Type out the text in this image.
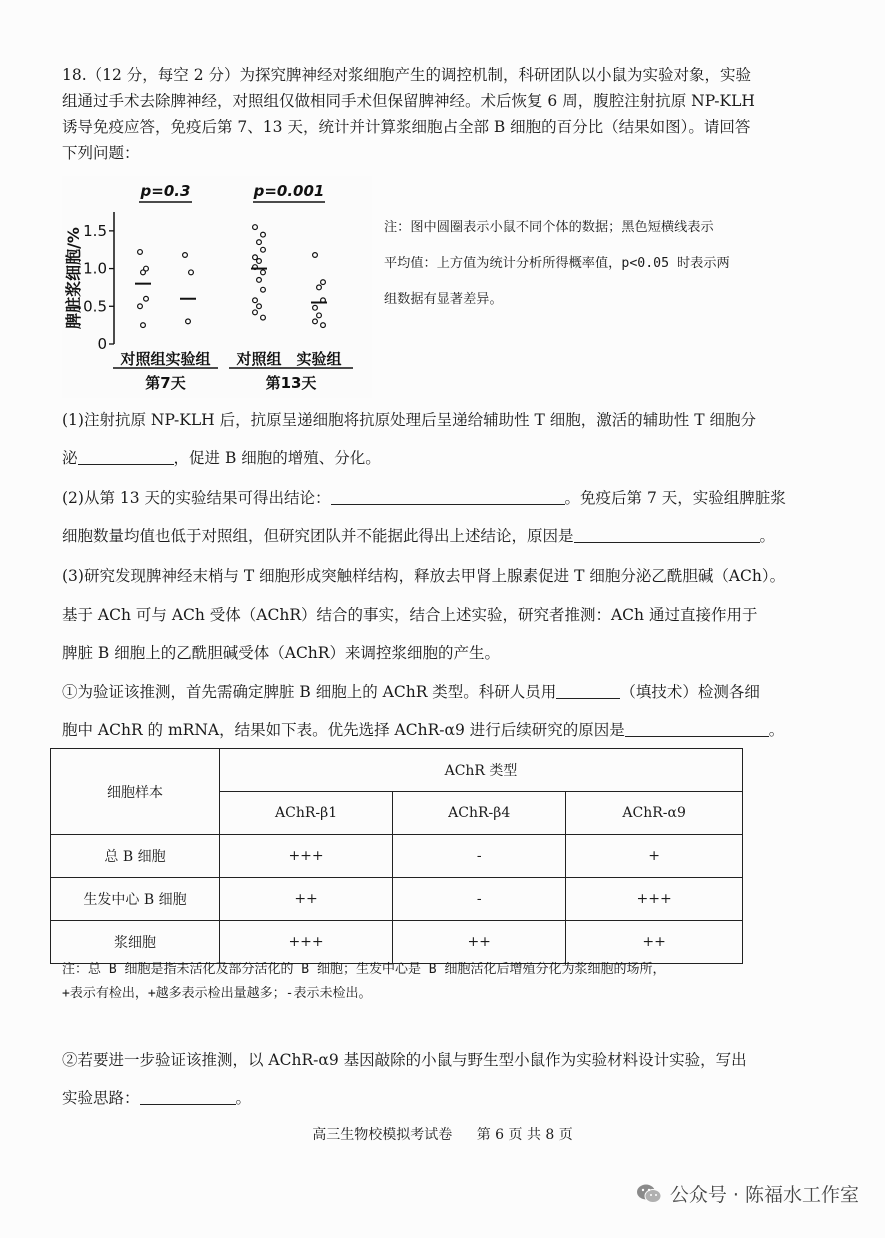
18.（12 分，每空 2 分）为探究脾神经对浆细胞产生的调控机制，科研团队以小鼠为实验对象，实验
组通过手术去除脾神经，对照组仅做相同手术但保留脾神经。术后恢复 6 周，腹腔注射抗原 NP-KLH
诱导免疫应答，免疫后第 7、13 天，统计并计算浆细胞占全部 B 细胞的百分比（结果如图）。请回答
下列问题：
0
0.5
1.0
1.5
脾脏浆细胞/%
p=0.3	p=0.001
对照组 实验组 对照组 实验组
第7天	第13天
注：图中圆圈表示小鼠不同个体的数据；黑色短横线表示
平均值：上方值为统计分析所得概率值，p<0.05 时表示两
组数据有显著差异。
(1)注射抗原 NP-KLH 后，抗原呈递细胞将抗原处理后呈递给辅助性 T 细胞，激活的辅助性 T 细胞分
泌	，促进 B 细胞的增殖、分化。
(2)从第 13 天的实验结果可得出结论：	。免疫后第 7 天，实验组脾脏浆
细胞数量均值也低于对照组，但研究团队并不能据此得出上述结论，原因是	。
(3)研究发现脾神经末梢与 T 细胞形成突触样结构，释放去甲肾上腺素促进 T 细胞分泌乙酰胆碱（ACh）。
基于 ACh 可与 ACh 受体（AChR）结合的事实，结合上述实验，研究者推测：ACh 通过直接作用于
脾脏 B 细胞上的乙酰胆碱受体（AChR）来调控浆细胞的产生。
①为验证该推测，首先需确定脾脏 B 细胞上的 AChR 类型。科研人员用	（填技术）检测各细
胞中 AChR 的 mRNA，结果如下表。优先选择 AChR-α9 进行后续研究的原因是	。
细胞样本	AChR 类型		
	AChR-β1	AChR-β4	AChR-α9
总 B 细胞	+++	-	+
生发中心 B 细胞	++	-	+++
浆细胞	+++	++	++
注：总 B 细胞是指未活化及部分活化的 B 细胞；生发中心是 B 细胞活化后增殖分化为浆细胞的场所，
+表示有检出，+越多表示检出量越多；-表示未检出。
②若要进一步验证该推测，以 AChR-α9 基因敲除的小鼠与野生型小鼠作为实验材料设计实验，写出
实验思路：	。
高三生物校模拟考试卷 第 6 页 共 8 页
公众号 · 陈福水工作室
